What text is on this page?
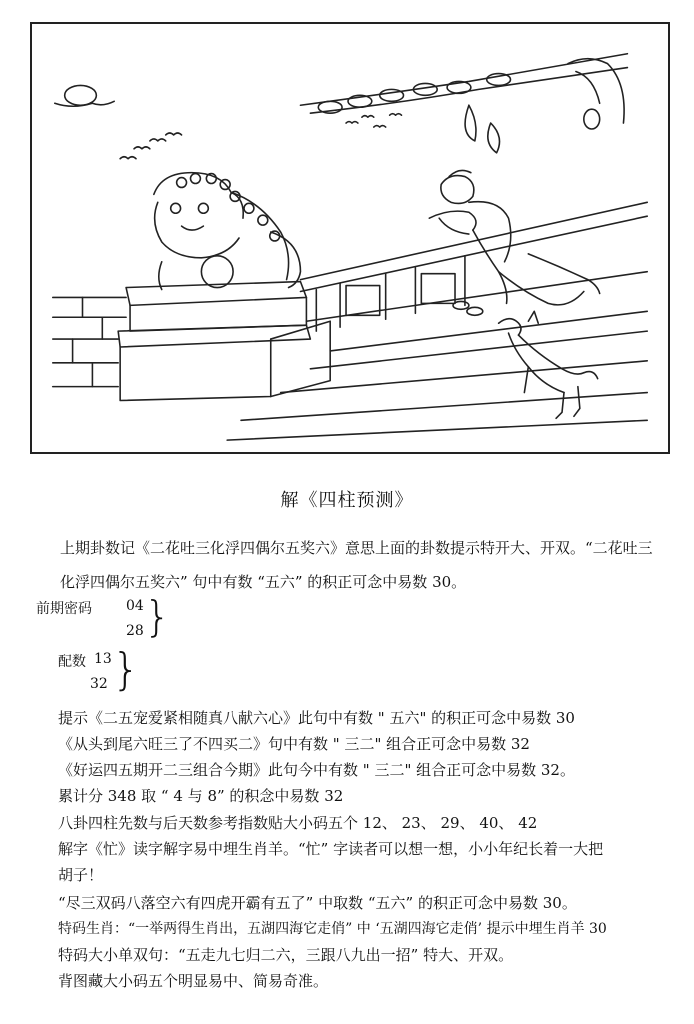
解《四柱预测》
上期卦数记《二花吐三化浮四偶尔五奖六》意思上面的卦数提示特开大、开双。“二花吐三
化浮四偶尔五奖六” 句中有数 “五六” 的积正可念中易数 30。
前期密码 04
28 }
配数 13
32 }
提示《二五宠爱紧相随真八献六心》此句中有数 " 五六" 的积正可念中易数 30
《从头到尾六旺三了不四买二》句中有数 " 三二" 组合正可念中易数 32
《好运四五期开二三组合今期》此句今中有数 " 三二" 组合正可念中易数 32。
累计分 348 取 “ 4 与 8” 的积念中易数 32
八卦四柱先数与后天数参考指数贴大小码五个 12、 23、 29、 40、 42
解字《忙》读字解字易中埋生肖羊。“忙” 字读者可以想一想，小小年纪长着一大把
胡子！
“尽三双码八落空六有四虎开霸有五了” 中取数 “五六” 的积正可念中易数 30。
特码生肖：“一举两得生肖出，五湖四海它走俏” 中 ‘五湖四海它走俏’ 提示中埋生肖羊 30
特码大小单双句：“五走九七归二六，三跟八九出一招” 特大、开双。
背图藏大小码五个明显易中、简易奇准。
